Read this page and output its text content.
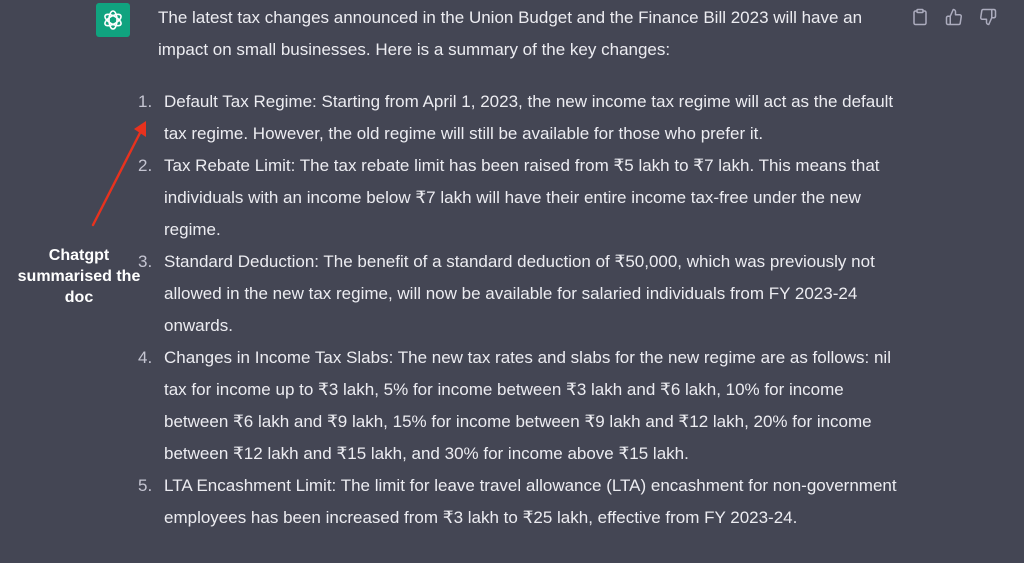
The latest tax changes announced in the Union Budget and the Finance Bill 2023 will have an impact on small businesses. Here is a summary of the key changes:

1. Default Tax Regime: Starting from April 1, 2023, the new income tax regime will act as the default tax regime. However, the old regime will still be available for those who prefer it.
2. Tax Rebate Limit: The tax rebate limit has been raised from ₹5 lakh to ₹7 lakh. This means that individuals with an income below ₹7 lakh will have their entire income tax-free under the new regime.
3. Standard Deduction: The benefit of a standard deduction of ₹50,000, which was previously not allowed in the new tax regime, will now be available for salaried individuals from FY 2023-24 onwards.
4. Changes in Income Tax Slabs: The new tax rates and slabs for the new regime are as follows: nil tax for income up to ₹3 lakh, 5% for income between ₹3 lakh and ₹6 lakh, 10% for income between ₹6 lakh and ₹9 lakh, 15% for income between ₹9 lakh and ₹12 lakh, 20% for income between ₹12 lakh and ₹15 lakh, and 30% for income above ₹15 lakh.
5. LTA Encashment Limit: The limit for leave travel allowance (LTA) encashment for non-government employees has been increased from ₹3 lakh to ₹25 lakh, effective from FY 2023-24.
Chatgpt summarised the doc
